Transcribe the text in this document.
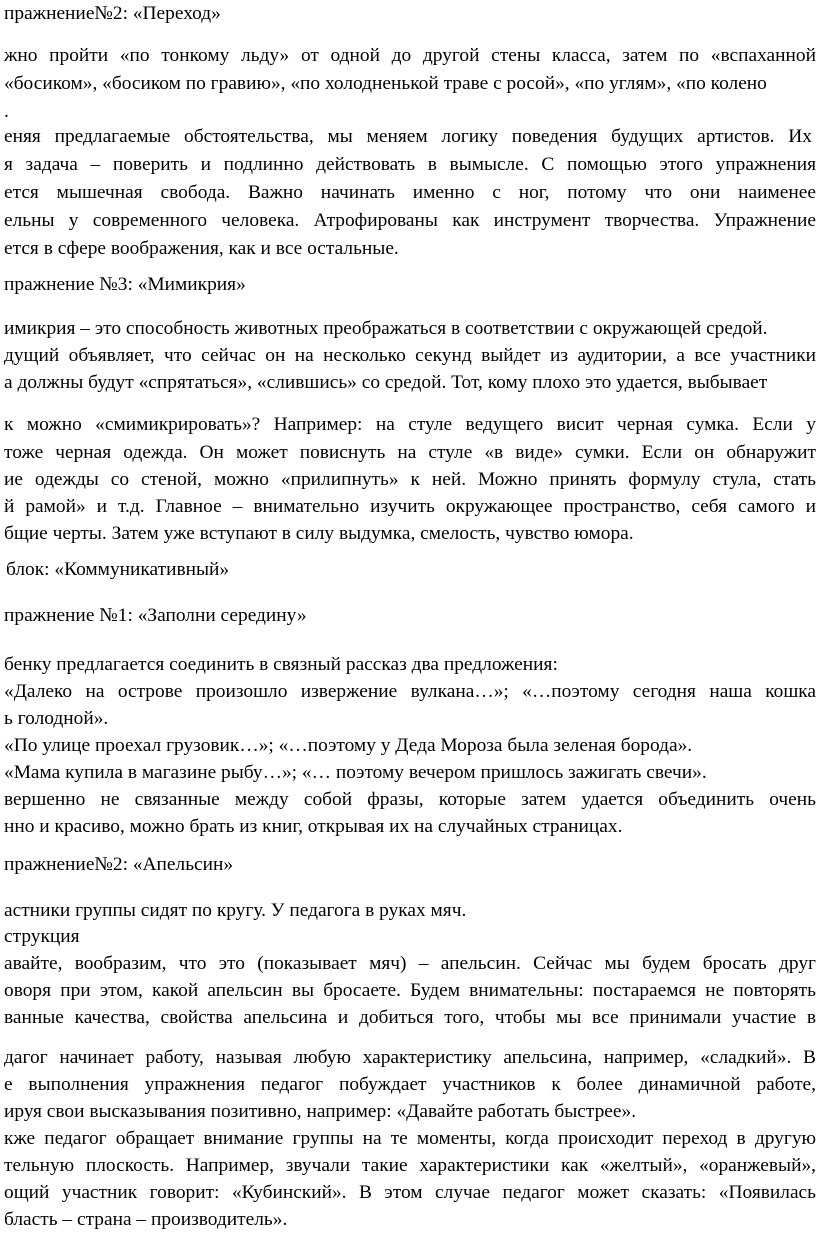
пражнение№2: «Переход»
жно пройти «по тонкому льду» от одной до другой стены класса, затем по «вспаханной
«босиком», «босиком по гравию», «по холодненькой траве с росой», «по углям», «по колено
.
еняя предлагаемые обстоятельства, мы меняем логику поведения будущих артистов. Их
я задача – поверить и подлинно действовать в вымысле. С помощью этого упражнения
ется мышечная свобода. Важно начинать именно с ног, потому что они наименее
ельны у современного человека. Атрофированы как инструмент творчества. Упражнение
ется в сфере воображения, как и все остальные.
пражнение №3: «Мимикрия»
имикрия – это способность животных преображаться в соответствии с окружающей средой.
дущий объявляет, что сейчас он на несколько секунд выйдет из аудитории, а все участники
а должны будут «спрятаться», «слившись» со средой. Тот, кому плохо это удается, выбывает
к можно «смимикрировать»? Например: на стуле ведущего висит черная сумка. Если у
тоже черная одежда. Он может повиснуть на стуле «в виде» сумки. Если он обнаружит
ие одежды со стеной, можно «прилипнуть» к ней. Можно принять формулу стула, стать
й рамой» и т.д. Главное – внимательно изучить окружающее пространство, себя самого и
бщие черты. Затем уже вступают в силу выдумка, смелость, чувство юмора.
блок: «Коммуникативный»
пражнение №1: «Заполни середину»
бенку предлагается соединить в связный рассказ два предложения:
«Далеко на острове произошло извержение вулкана…»; «…поэтому сегодня наша кошка
ь голодной».
«По улице проехал грузовик…»; «…поэтому у Деда Мороза была зеленая борода».
«Мама купила в магазине рыбу…»; «… поэтому вечером пришлось зажигать свечи».
вершенно не связанные между собой фразы, которые затем удается объединить очень
нно и красиво, можно брать из книг, открывая их на случайных страницах.
пражнение№2: «Апельсин»
астники группы сидят по кругу. У педагога в руках мяч.
струкция
авайте, вообразим, что это (показывает мяч) – апельсин. Сейчас мы будем бросать друг
оворя при этом, какой апельсин вы бросаете. Будем внимательны: постараемся не повторять
ванные качества, свойства апельсина и добиться того, чтобы мы все принимали участие в
дагог начинает работу, называя любую характеристику апельсина, например, «сладкий». В
е выполнения упражнения педагог побуждает участников к более динамичной работе,
ируя свои высказывания позитивно, например: «Давайте работать быстрее».
кже педагог обращает внимание группы на те моменты, когда происходит переход в другую
тельную плоскость. Например, звучали такие характеристики как «желтый», «оранжевый»,
ощий участник говорит: «Кубинский». В этом случае педагог может сказать: «Появилась
бласть – страна – производитель».
